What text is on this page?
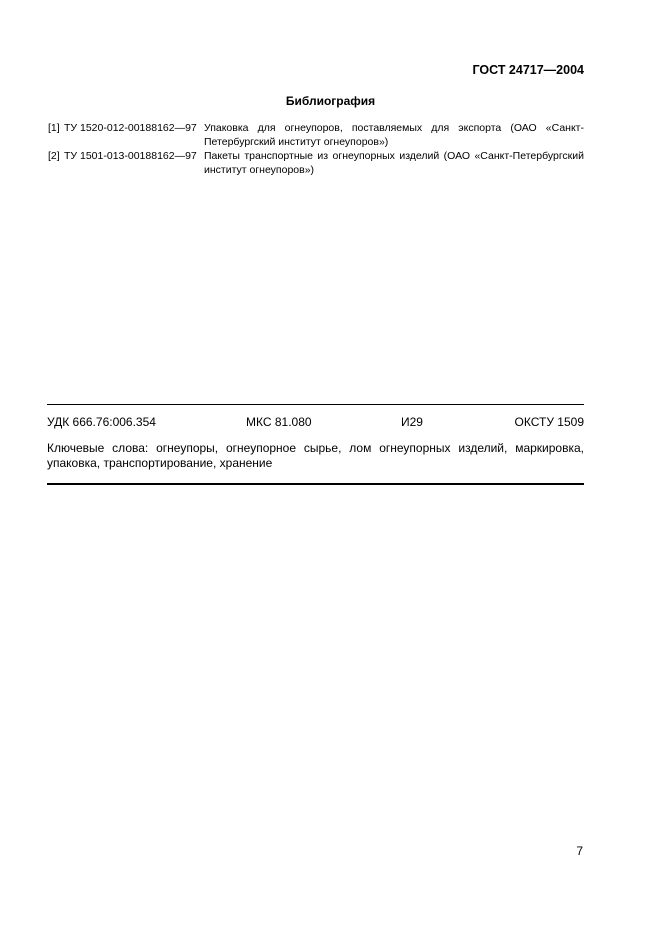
ГОСТ 24717—2004
Библиография
[1] ТУ 1520-012-00188162—97 Упаковка для огнеупоров, поставляемых для экспорта (ОАО «Санкт-Петербургский институт огнеупоров»)
[2] ТУ 1501-013-00188162—97 Пакеты транспортные из огнеупорных изделий (ОАО «Санкт-Петербургский институт огнеупоров»)
УДК 666.76:006.354	МКС 81.080	И29	ОКСТУ 1509
Ключевые слова: огнеупоры, огнеупорное сырье, лом огнеупорных изделий, маркировка, упаковка, транспортирование, хранение
7
